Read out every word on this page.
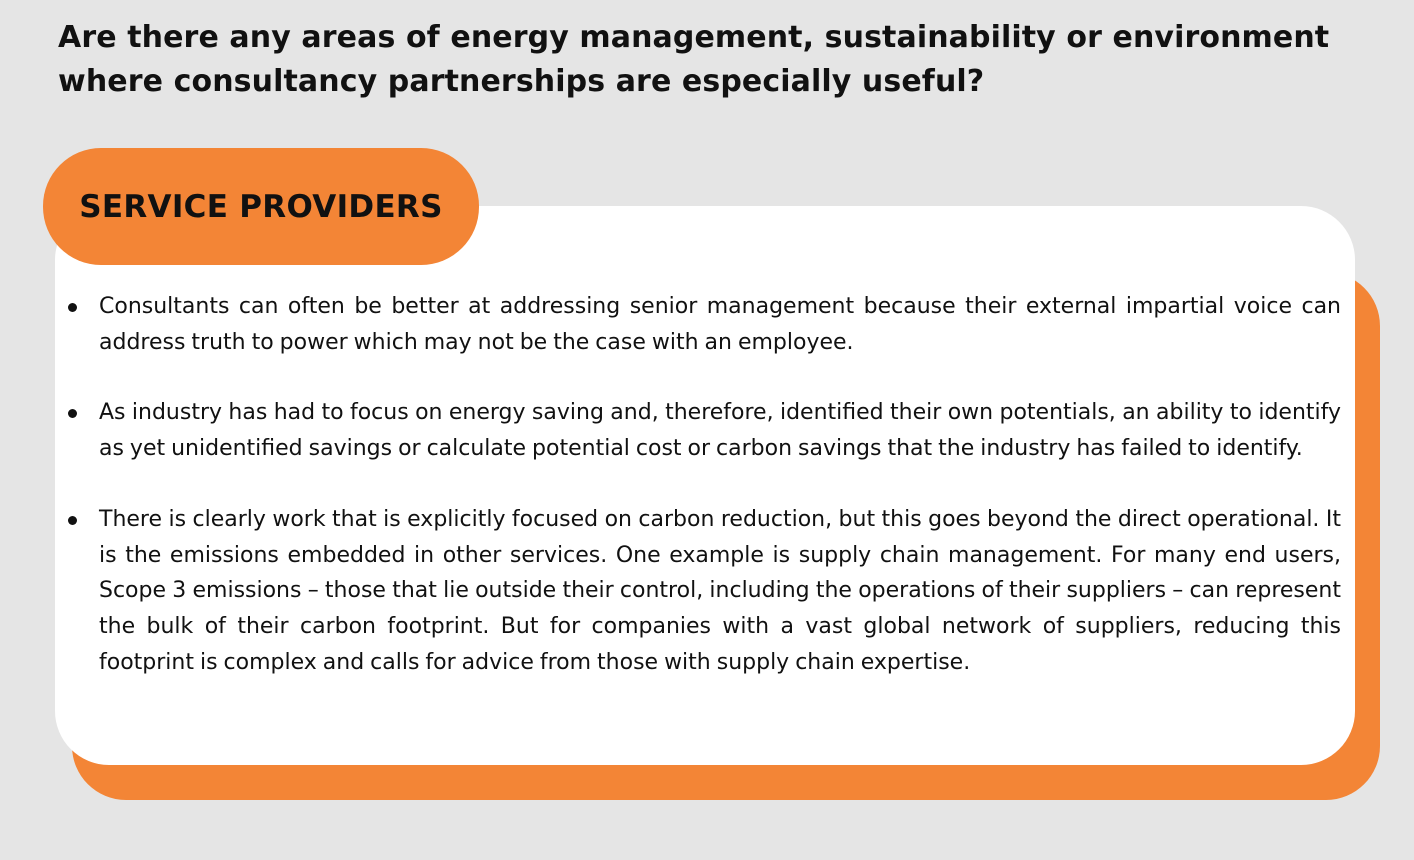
Are there any areas of energy management, sustainability or environment where consultancy partnerships are especially useful?
SERVICE PROVIDERS
Consultants can often be better at addressing senior management because their external impartial voice can address truth to power which may not be the case with an employee.
As industry has had to focus on energy saving and, therefore, identified their own potentials, an ability to identify as yet unidentified savings or calculate potential cost or carbon savings that the industry has failed to identify.
There is clearly work that is explicitly focused on carbon reduction, but this goes beyond the direct operational. It is the emissions embedded in other services. One example is supply chain management. For many end users, Scope 3 emissions – those that lie outside their control, including the operations of their suppliers – can represent the bulk of their carbon footprint. But for companies with a vast global network of suppliers, reducing this footprint is complex and calls for advice from those with supply chain expertise.
